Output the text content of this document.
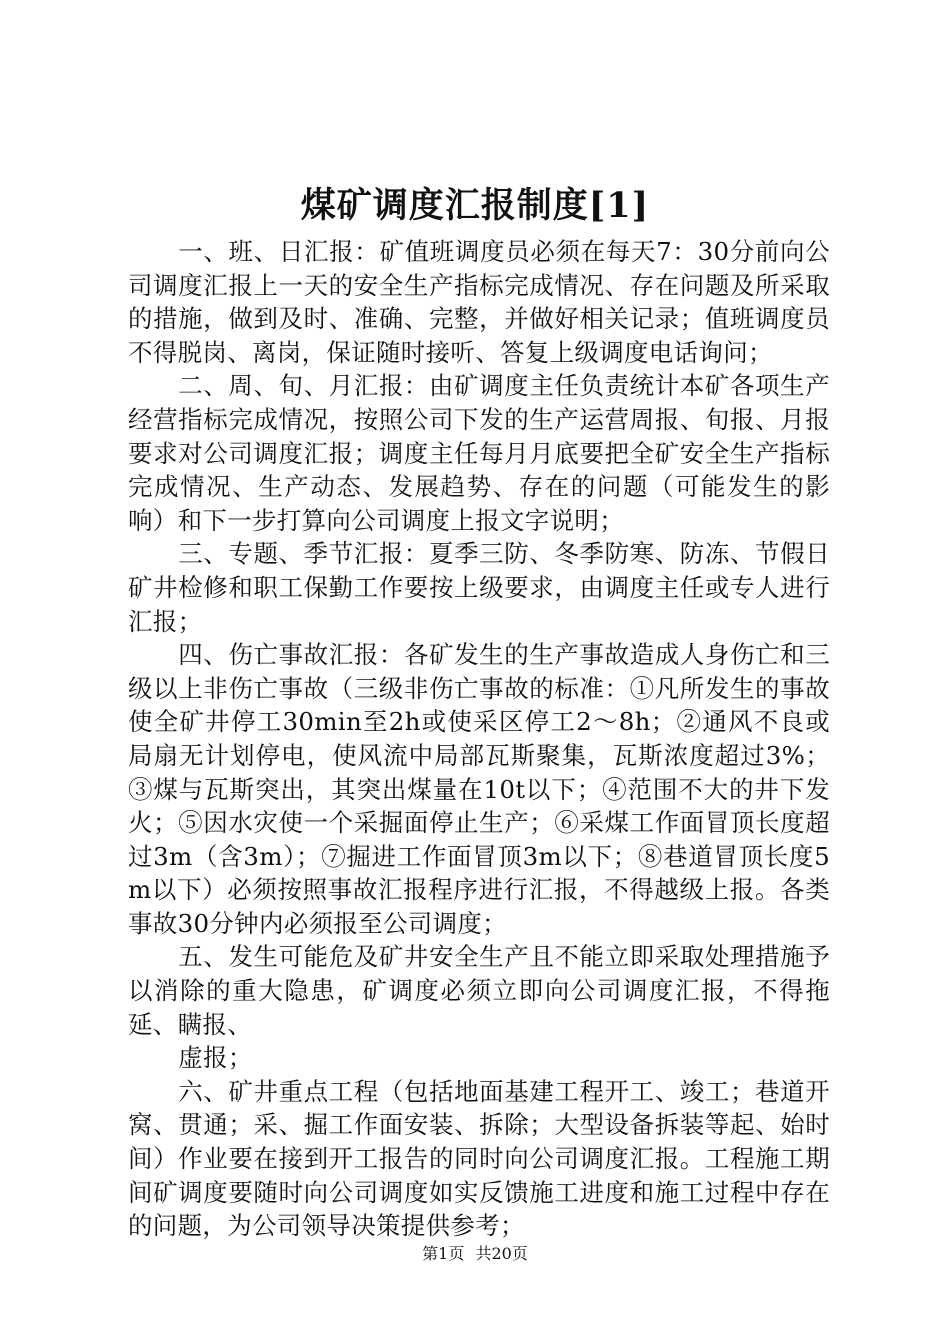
煤矿调度汇报制度[1]

一、班、日汇报：矿值班调度员必须在每天7：30分前向公司调度汇报上一天的安全生产指标完成情况、存在问题及所采取的措施，做到及时、准确、完整，并做好相关记录；值班调度员不得脱岗、离岗，保证随时接听、答复上级调度电话询问；

二、周、旬、月汇报：由矿调度主任负责统计本矿各项生产经营指标完成情况，按照公司下发的生产运营周报、旬报、月报要求对公司调度汇报；调度主任每月月底要把全矿安全生产指标完成情况、生产动态、发展趋势、存在的问题（可能发生的影响）和下一步打算向公司调度上报文字说明；

三、专题、季节汇报：夏季三防、冬季防寒、防冻、节假日矿井检修和职工保勤工作要按上级要求，由调度主任或专人进行汇报；

四、伤亡事故汇报：各矿发生的生产事故造成人身伤亡和三级以上非伤亡事故（三级非伤亡事故的标准：①凡所发生的事故使全矿井停工30min至2h或使采区停工2～8h；②通风不良或局扇无计划停电，使风流中局部瓦斯聚集，瓦斯浓度超过3%；③煤与瓦斯突出，其突出煤量在10t以下；④范围不大的井下发火；⑤因水灾使一个采掘面停止生产；⑥采煤工作面冒顶长度超过3m（含3m）；⑦掘进工作面冒顶3m以下；⑧巷道冒顶长度5m以下）必须按照事故汇报程序进行汇报，不得越级上报。各类事故30分钟内必须报至公司调度；

五、发生可能危及矿井安全生产且不能立即采取处理措施予以消除的重大隐患，矿调度必须立即向公司调度汇报，不得拖延、瞒报、

虚报；

六、矿井重点工程（包括地面基建工程开工、竣工；巷道开窝、贯通；采、掘工作面安装、拆除；大型设备拆装等起、始时间）作业要在接到开工报告的同时向公司调度汇报。工程施工期间矿调度要随时向公司调度如实反馈施工进度和施工过程中存在的问题，为公司领导决策提供参考；

第1页 共20页
